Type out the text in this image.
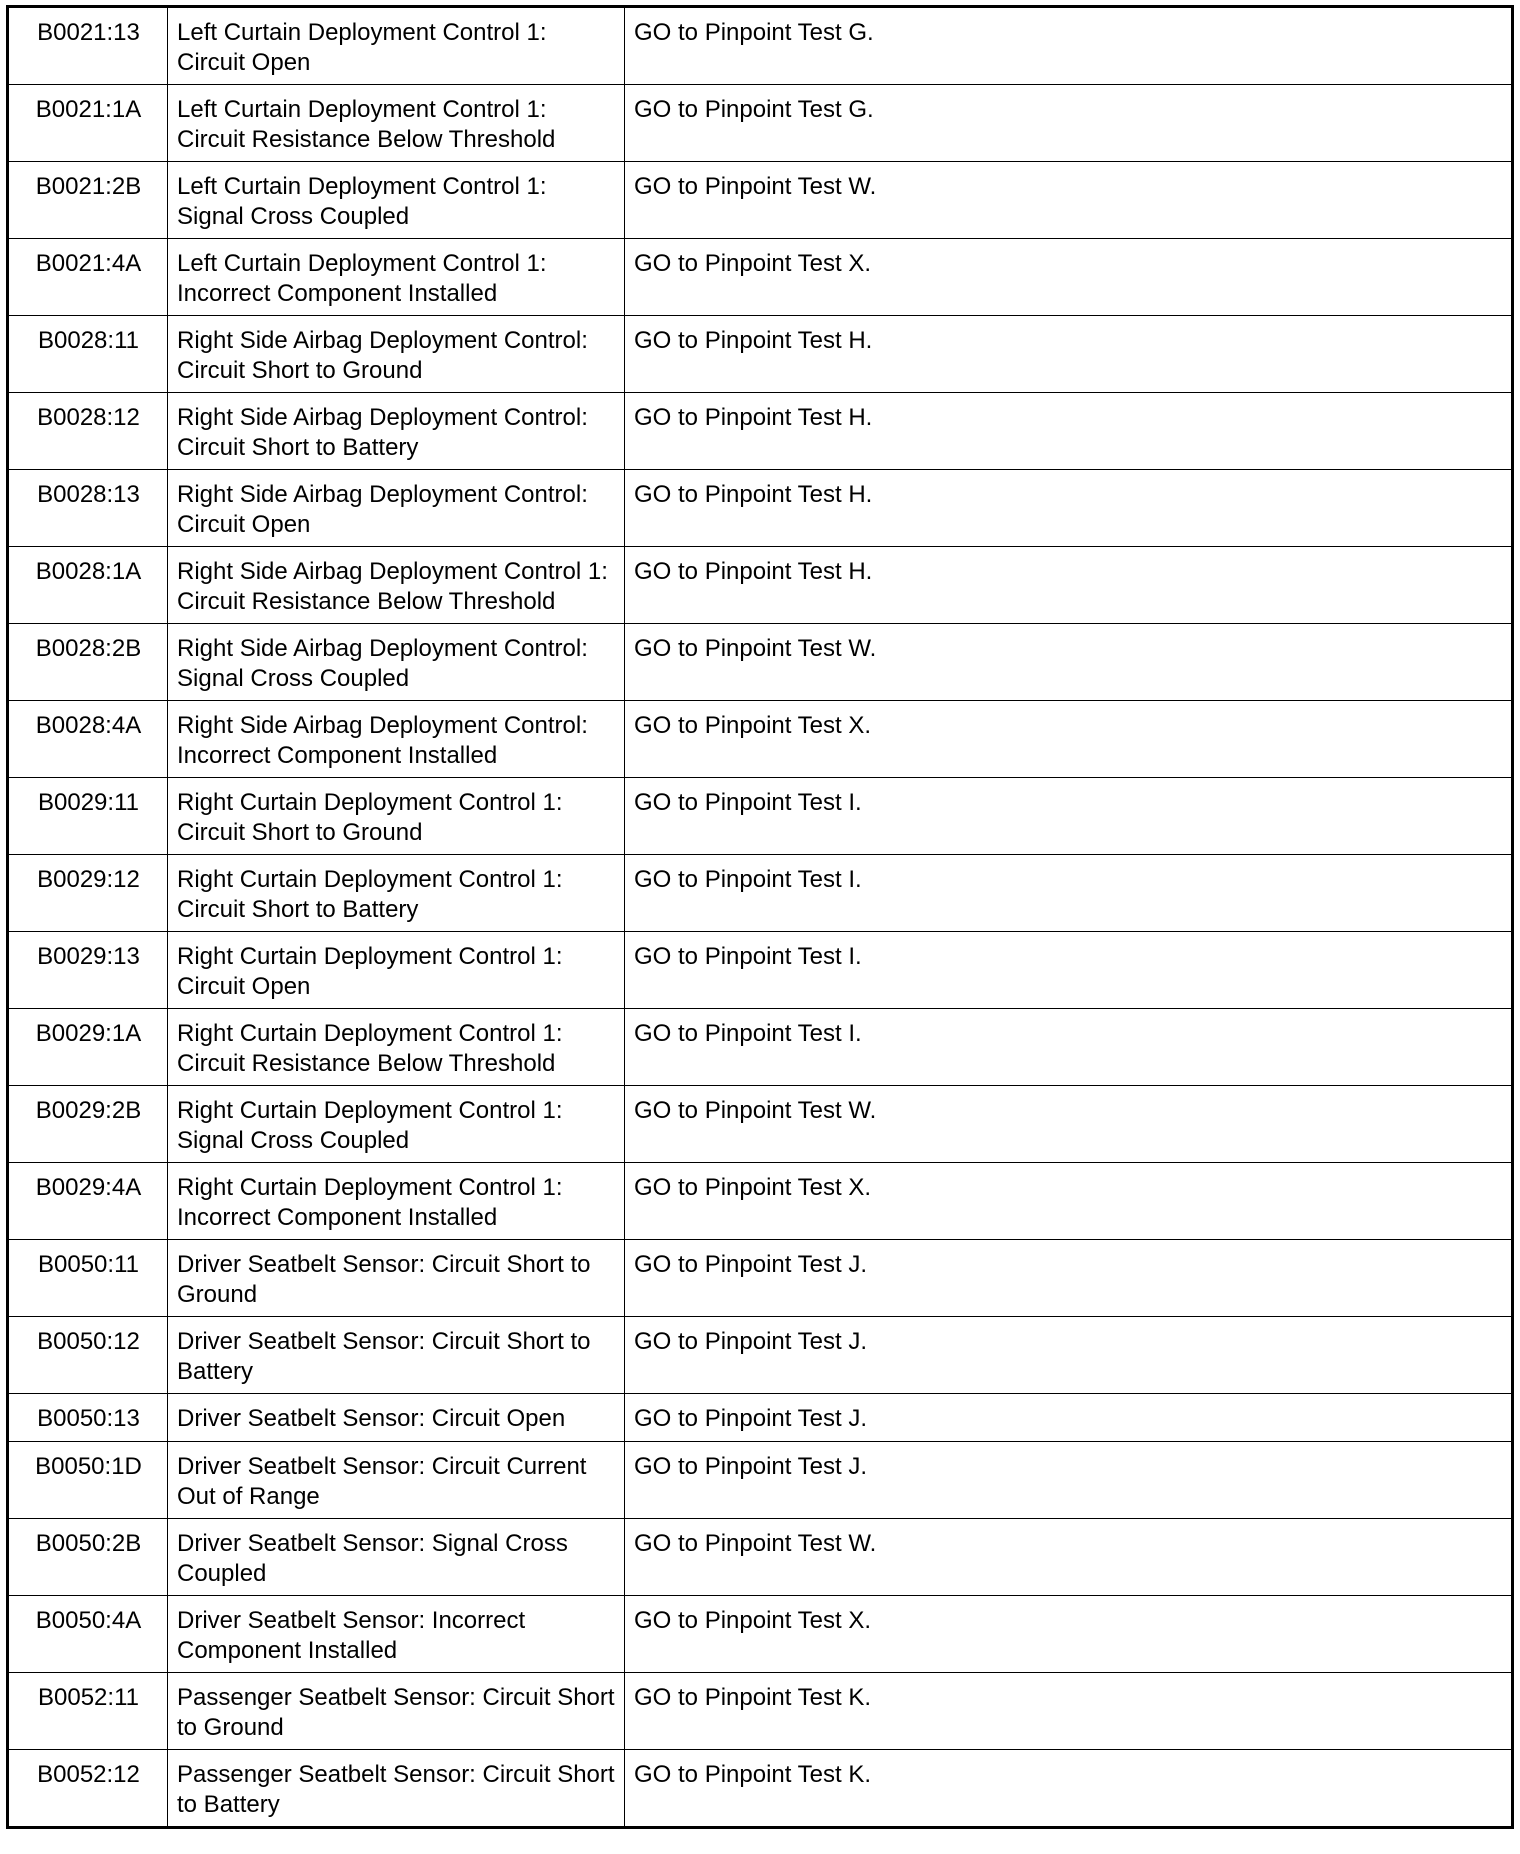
B0021:13	Left Curtain Deployment Control 1: Circuit Open	GO to Pinpoint Test G.
B0021:1A	Left Curtain Deployment Control 1: Circuit Resistance Below Threshold	GO to Pinpoint Test G.
B0021:2B	Left Curtain Deployment Control 1: Signal Cross Coupled	GO to Pinpoint Test W.
B0021:4A	Left Curtain Deployment Control 1: Incorrect Component Installed	GO to Pinpoint Test X.
B0028:11	Right Side Airbag Deployment Control: Circuit Short to Ground	GO to Pinpoint Test H.
B0028:12	Right Side Airbag Deployment Control: Circuit Short to Battery	GO to Pinpoint Test H.
B0028:13	Right Side Airbag Deployment Control: Circuit Open	GO to Pinpoint Test H.
B0028:1A	Right Side Airbag Deployment Control 1: Circuit Resistance Below Threshold	GO to Pinpoint Test H.
B0028:2B	Right Side Airbag Deployment Control: Signal Cross Coupled	GO to Pinpoint Test W.
B0028:4A	Right Side Airbag Deployment Control: Incorrect Component Installed	GO to Pinpoint Test X.
B0029:11	Right Curtain Deployment Control 1: Circuit Short to Ground	GO to Pinpoint Test I.
B0029:12	Right Curtain Deployment Control 1: Circuit Short to Battery	GO to Pinpoint Test I.
B0029:13	Right Curtain Deployment Control 1: Circuit Open	GO to Pinpoint Test I.
B0029:1A	Right Curtain Deployment Control 1: Circuit Resistance Below Threshold	GO to Pinpoint Test I.
B0029:2B	Right Curtain Deployment Control 1: Signal Cross Coupled	GO to Pinpoint Test W.
B0029:4A	Right Curtain Deployment Control 1: Incorrect Component Installed	GO to Pinpoint Test X.
B0050:11	Driver Seatbelt Sensor: Circuit Short to Ground	GO to Pinpoint Test J.
B0050:12	Driver Seatbelt Sensor: Circuit Short to Battery	GO to Pinpoint Test J.
B0050:13	Driver Seatbelt Sensor: Circuit Open	GO to Pinpoint Test J.
B0050:1D	Driver Seatbelt Sensor: Circuit Current Out of Range	GO to Pinpoint Test J.
B0050:2B	Driver Seatbelt Sensor: Signal Cross Coupled	GO to Pinpoint Test W.
B0050:4A	Driver Seatbelt Sensor: Incorrect Component Installed	GO to Pinpoint Test X.
B0052:11	Passenger Seatbelt Sensor: Circuit Short to Ground	GO to Pinpoint Test K.
B0052:12	Passenger Seatbelt Sensor: Circuit Short to Battery	GO to Pinpoint Test K.
